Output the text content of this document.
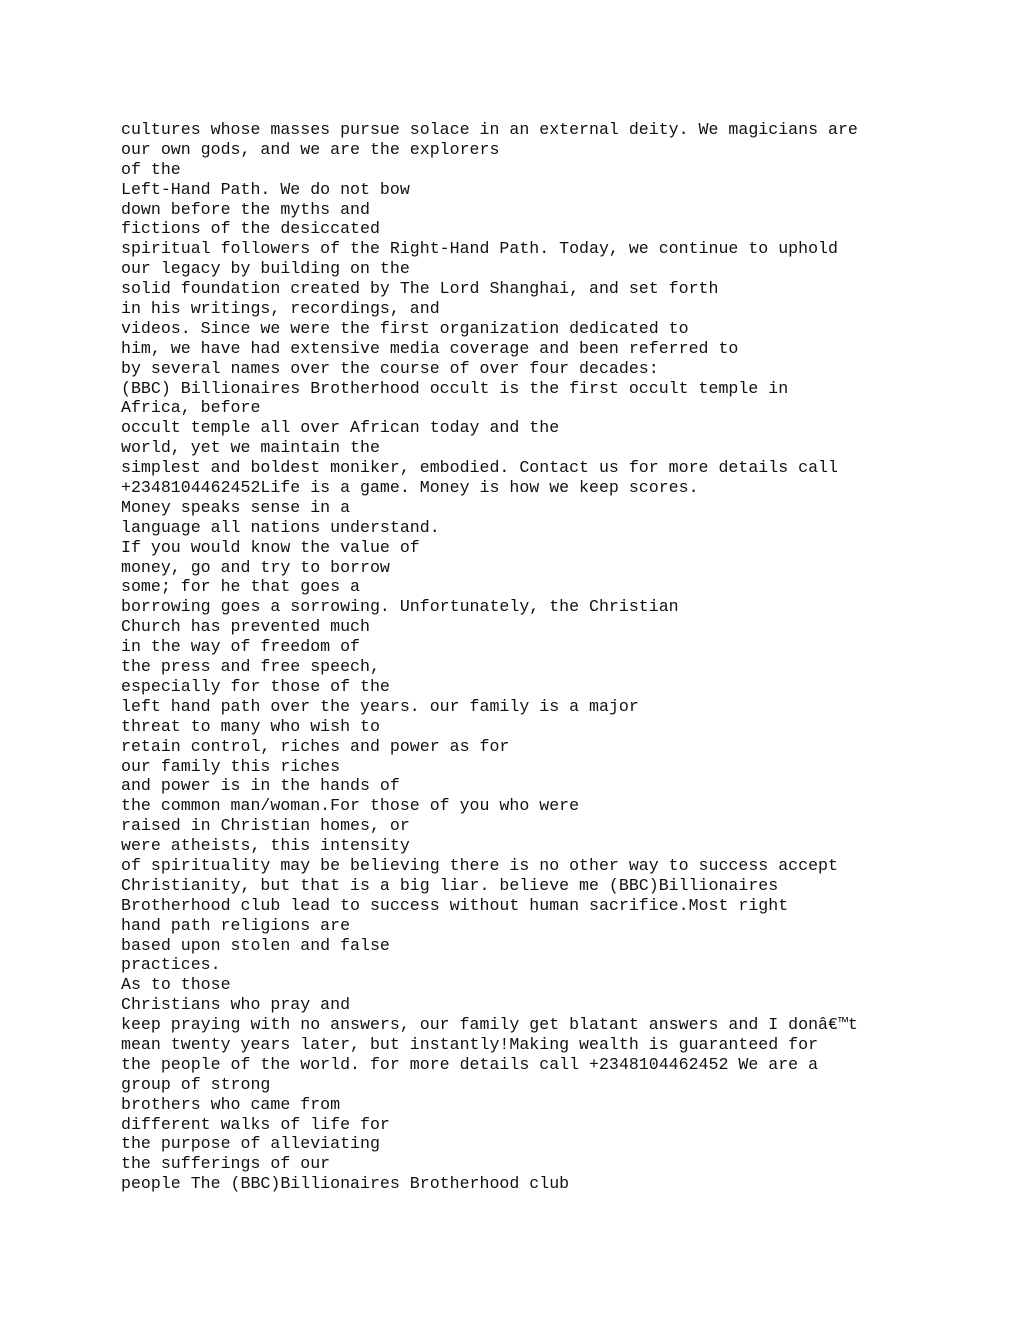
cultures whose masses pursue solace in an external deity. We magicians are
our own gods, and we are the explorers
of the
Left-Hand Path. We do not bow
down before the myths and
fictions of the desiccated
spiritual followers of the Right-Hand Path. Today, we continue to uphold
our legacy by building on the
solid foundation created by The Lord Shanghai, and set forth
in his writings, recordings, and
videos. Since we were the first organization dedicated to
him, we have had extensive media coverage and been referred to
by several names over the course of over four decades:
(BBC) Billionaires Brotherhood occult is the first occult temple in
Africa, before
occult temple all over African today and the
world, yet we maintain the
simplest and boldest moniker, embodied. Contact us for more details call
+2348104462452Life is a game. Money is how we keep scores.
Money speaks sense in a
language all nations understand.
If you would know the value of
money, go and try to borrow
some; for he that goes a
borrowing goes a sorrowing. Unfortunately, the Christian
Church has prevented much
in the way of freedom of
the press and free speech,
especially for those of the
left hand path over the years. our family is a major
threat to many who wish to
retain control, riches and power as for
our family this riches
and power is in the hands of
the common man/woman.For those of you who were
raised in Christian homes, or
were atheists, this intensity
of spirituality may be believing there is no other way to success accept
Christianity, but that is a big liar. believe me (BBC)Billionaires
Brotherhood club lead to success without human sacrifice.Most right
hand path religions are
based upon stolen and false
practices.
As to those
Christians who pray and
keep praying with no answers, our family get blatant answers and I donâ€™t
mean twenty years later, but instantly!Making wealth is guaranteed for
the people of the world. for more details call +2348104462452 We are a
group of strong
brothers who came from
different walks of life for
the purpose of alleviating
the sufferings of our
people The (BBC)Billionaires Brotherhood club
